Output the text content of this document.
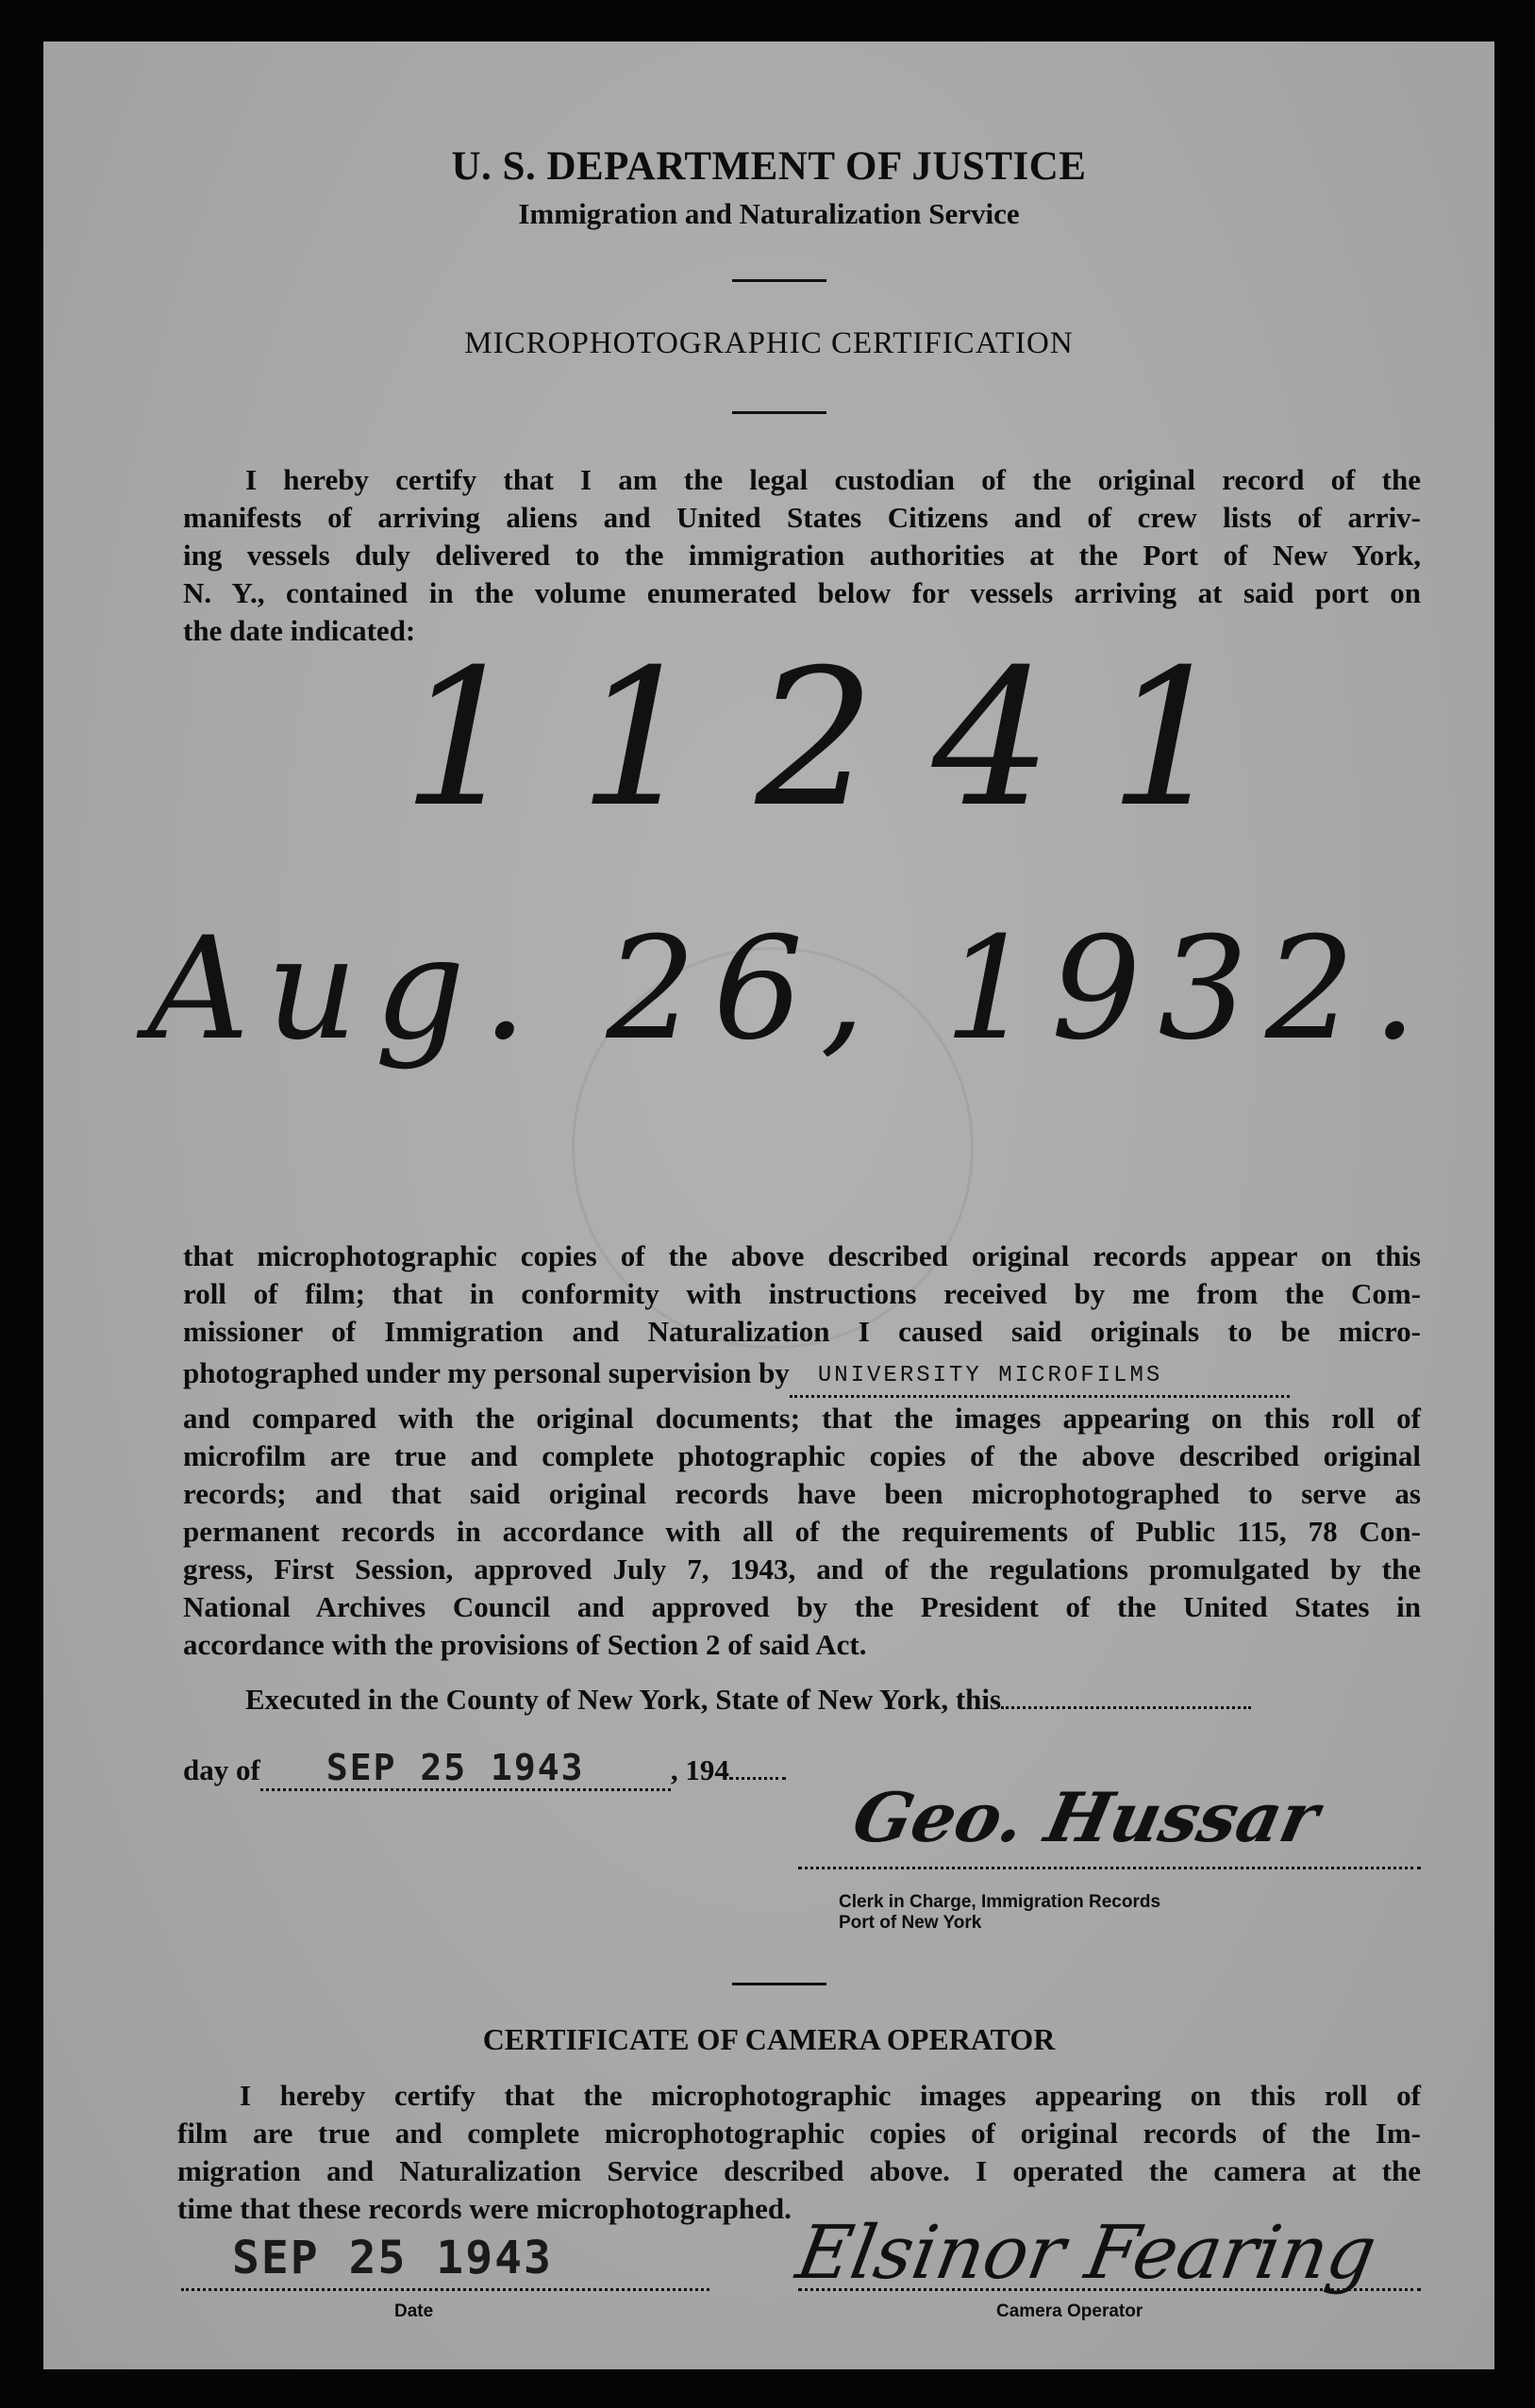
U. S. DEPARTMENT OF JUSTICE
Immigration and Naturalization Service
MICROPHOTOGRAPHIC CERTIFICATION
I hereby certify that I am the legal custodian of the original record of the
manifests of arriving aliens and United States Citizens and of crew lists of arriv-
ing vessels duly delivered to the immigration authorities at the Port of New York,
N. Y., contained in the volume enumerated below for vessels arriving at said port on
the date indicated:
11241
Aug. 26, 1932.
that microphotographic copies of the above described original records appear on this
roll of film; that in conformity with instructions received by me from the Com-
missioner of Immigration and Naturalization I caused said originals to be micro-
photographed under my personal supervision by UNIVERSITY MICROFILMS
and compared with the original documents; that the images appearing on this roll of
microfilm are true and complete photographic copies of the above described original
records; and that said original records have been microphotographed to serve as
permanent records in accordance with all of the requirements of Public 115, 78 Con-
gress, First Session, approved July 7, 1943, and of the regulations promulgated by the
National Archives Council and approved by the President of the United States in
accordance with the provisions of Section 2 of said Act.
Executed in the County of New York, State of New York, this
day of SEP 25 1943	, 194
Geo. Hussar
Clerk in Charge, Immigration Records
Port of New York
CERTIFICATE OF CAMERA OPERATOR
I hereby certify that the microphotographic images appearing on this roll of
film are true and complete microphotographic copies of original records of the Im-
migration and Naturalization Service described above. I operated the camera at the
time that these records were microphotographed.
SEP 25 1943
Date
Elsinor Fearing
Camera Operator
